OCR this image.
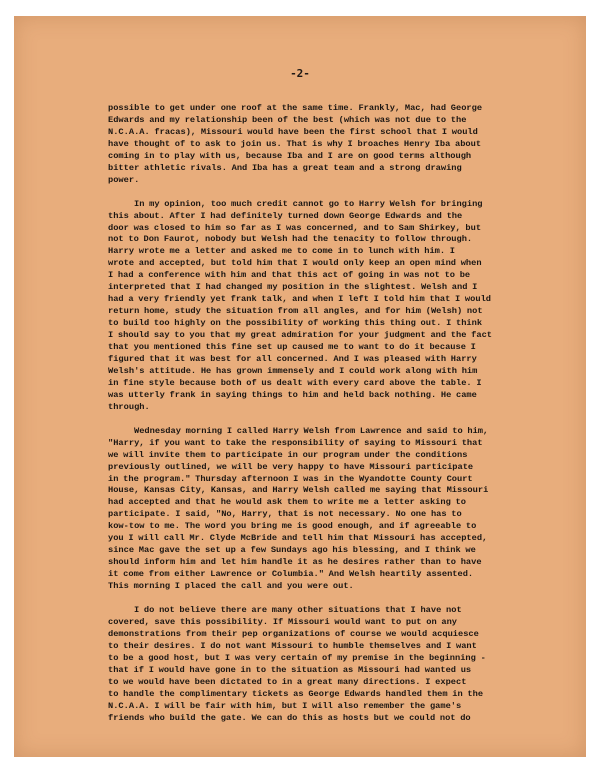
-2-
possible to get under one roof at the same time. Frankly, Mac, had George
Edwards and my relationship been of the best (which was not due to the
N.C.A.A. fracas), Missouri would have been the first school that I would
have thought of to ask to join us. That is why I broaches Henry Iba about
coming in to play with us, because Iba and I are on good terms although
bitter athletic rivals. And Iba has a great team and a strong drawing
power.
In my opinion, too much credit cannot go to Harry Welsh for bringing
this about. After I had definitely turned down George Edwards and the
door was closed to him so far as I was concerned, and to Sam Shirkey, but
not to Don Faurot, nobody but Welsh had the tenacity to follow through.
Harry wrote me a letter and asked me to come in to lunch with him. I
wrote and accepted, but told him that I would only keep an open mind when
I had a conference with him and that this act of going in was not to be
interpreted that I had changed my position in the slightest. Welsh and I
had a very friendly yet frank talk, and when I left I told him that I would
return home, study the situation from all angles, and for him (Welsh) not
to build too highly on the possibility of working this thing out. I think
I should say to you that my great admiration for your judgment and the fact
that you mentioned this fine set up caused me to want to do it because I
figured that it was best for all concerned. And I was pleased with Harry
Welsh's attitude. He has grown immensely and I could work along with him
in fine style because both of us dealt with every card above the table. I
was utterly frank in saying things to him and held back nothing. He came
through.
Wednesday morning I called Harry Welsh from Lawrence and said to him,
"Harry, if you want to take the responsibility of saying to Missouri that
we will invite them to participate in our program under the conditions
previously outlined, we will be very happy to have Missouri participate
in the program." Thursday afternoon I was in the Wyandotte County Court
House, Kansas City, Kansas, and Harry Welsh called me saying that Missouri
had accepted and that he would ask them to write me a letter asking to
participate. I said, "No, Harry, that is not necessary. No one has to
kow-tow to me. The word you bring me is good enough, and if agreeable to
you I will call Mr. Clyde McBride and tell him that Missouri has accepted,
since Mac gave the set up a few Sundays ago his blessing, and I think we
should inform him and let him handle it as he desires rather than to have
it come from either Lawrence or Columbia." And Welsh heartily assented.
This morning I placed the call and you were out.
I do not believe there are many other situations that I have not
covered, save this possibility. If Missouri would want to put on any
demonstrations from their pep organizations of course we would acquiesce
to their desires. I do not want Missouri to humble themselves and I want
to be a good host, but I was very certain of my premise in the beginning -
that if I would have gone in to the situation as Missouri had wanted us
to we would have been dictated to in a great many directions. I expect
to handle the complimentary tickets as George Edwards handled them in the
N.C.A.A. I will be fair with him, but I will also remember the game's
friends who build the gate. We can do this as hosts but we could not do
